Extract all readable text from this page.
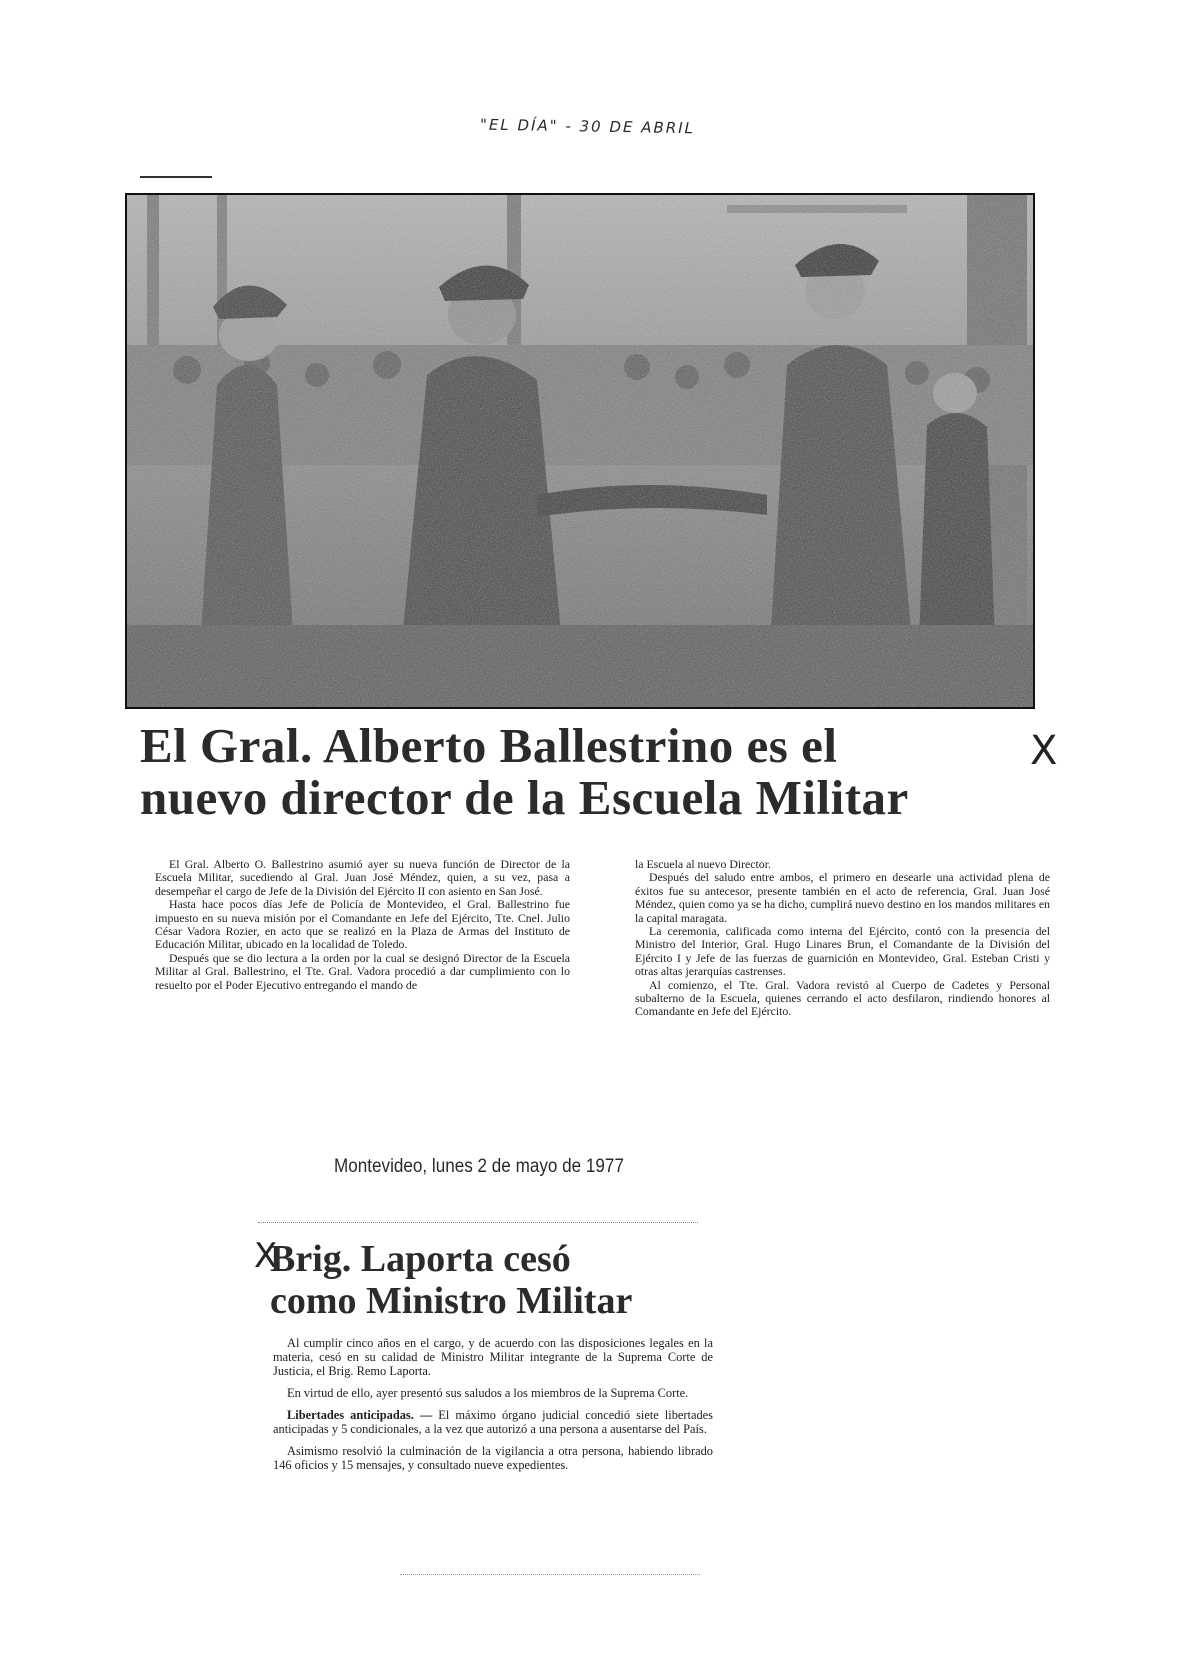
"EL DÍA" - 30 DE ABRIL
El Gral. Alberto Ballestrino es el
nuevo director de la Escuela Militar
X

El Gral. Alberto O. Ballestrino asumió ayer su nueva función de Director de la Escuela Militar, sucediendo al Gral. Juan José Méndez, quien, a su vez, pasa a desempeñar el cargo de Jefe de la División del Ejército II con asiento en San José.

Hasta hace pocos días Jefe de Policía de Montevideo, el Gral. Ballestrino fue impuesto en su nueva misión por el Comandante en Jefe del Ejército, Tte. Cnel. Julio César Vadora Rozier, en acto que se realizó en la Plaza de Armas del Instituto de Educación Militar, ubicado en la localidad de Toledo.

Después que se dio lectura a la orden por la cual se designó Director de la Escuela Militar al Gral. Ballestrino, el Tte. Gral. Vadora procedió a dar cumplimiento con lo resuelto por el Poder Ejecutivo entregando el mando de

la Escuela al nuevo Director.

Después del saludo entre ambos, el primero en desearle una actividad plena de éxitos fue su antecesor, presente también en el acto de referencia, Gral. Juan José Méndez, quien como ya se ha dicho, cumplirá nuevo destino en los mandos militares en la capital maragata.

La ceremonia, calificada como interna del Ejército, contó con la presencia del Ministro del Interior, Gral. Hugo Linares Brun, el Comandante de la División del Ejército I y Jefe de las fuerzas de guarnición en Montevideo, Gral. Esteban Cristi y otras altas jerarquías castrenses.

Al comienzo, el Tte. Gral. Vadora revistó al Cuerpo de Cadetes y Personal subalterno de la Escuela, quienes cerrando el acto desfilaron, rindiendo honores al Comandante en Jefe del Ejército.

Montevideo, lunes 2 de mayo de 1977
X
Brig. Laporta cesó
como Ministro Militar

Al cumplir cinco años en el cargo, y de acuerdo con las disposiciones legales en la materia, cesó en su calidad de Ministro Militar integrante de la Suprema Corte de Justicia, el Brig. Remo Laporta.

En virtud de ello, ayer presentó sus saludos a los miembros de la Suprema Corte.

Libertades anticipadas. — El máximo órgano judicial concedió siete libertades anticipadas y 5 condicionales, a la vez que autorizó a una persona a ausentarse del País.

Asimismo resolvió la culminación de la vigilancia a otra persona, habiendo librado 146 oficios y 15 mensajes, y consultado nueve expedientes.
